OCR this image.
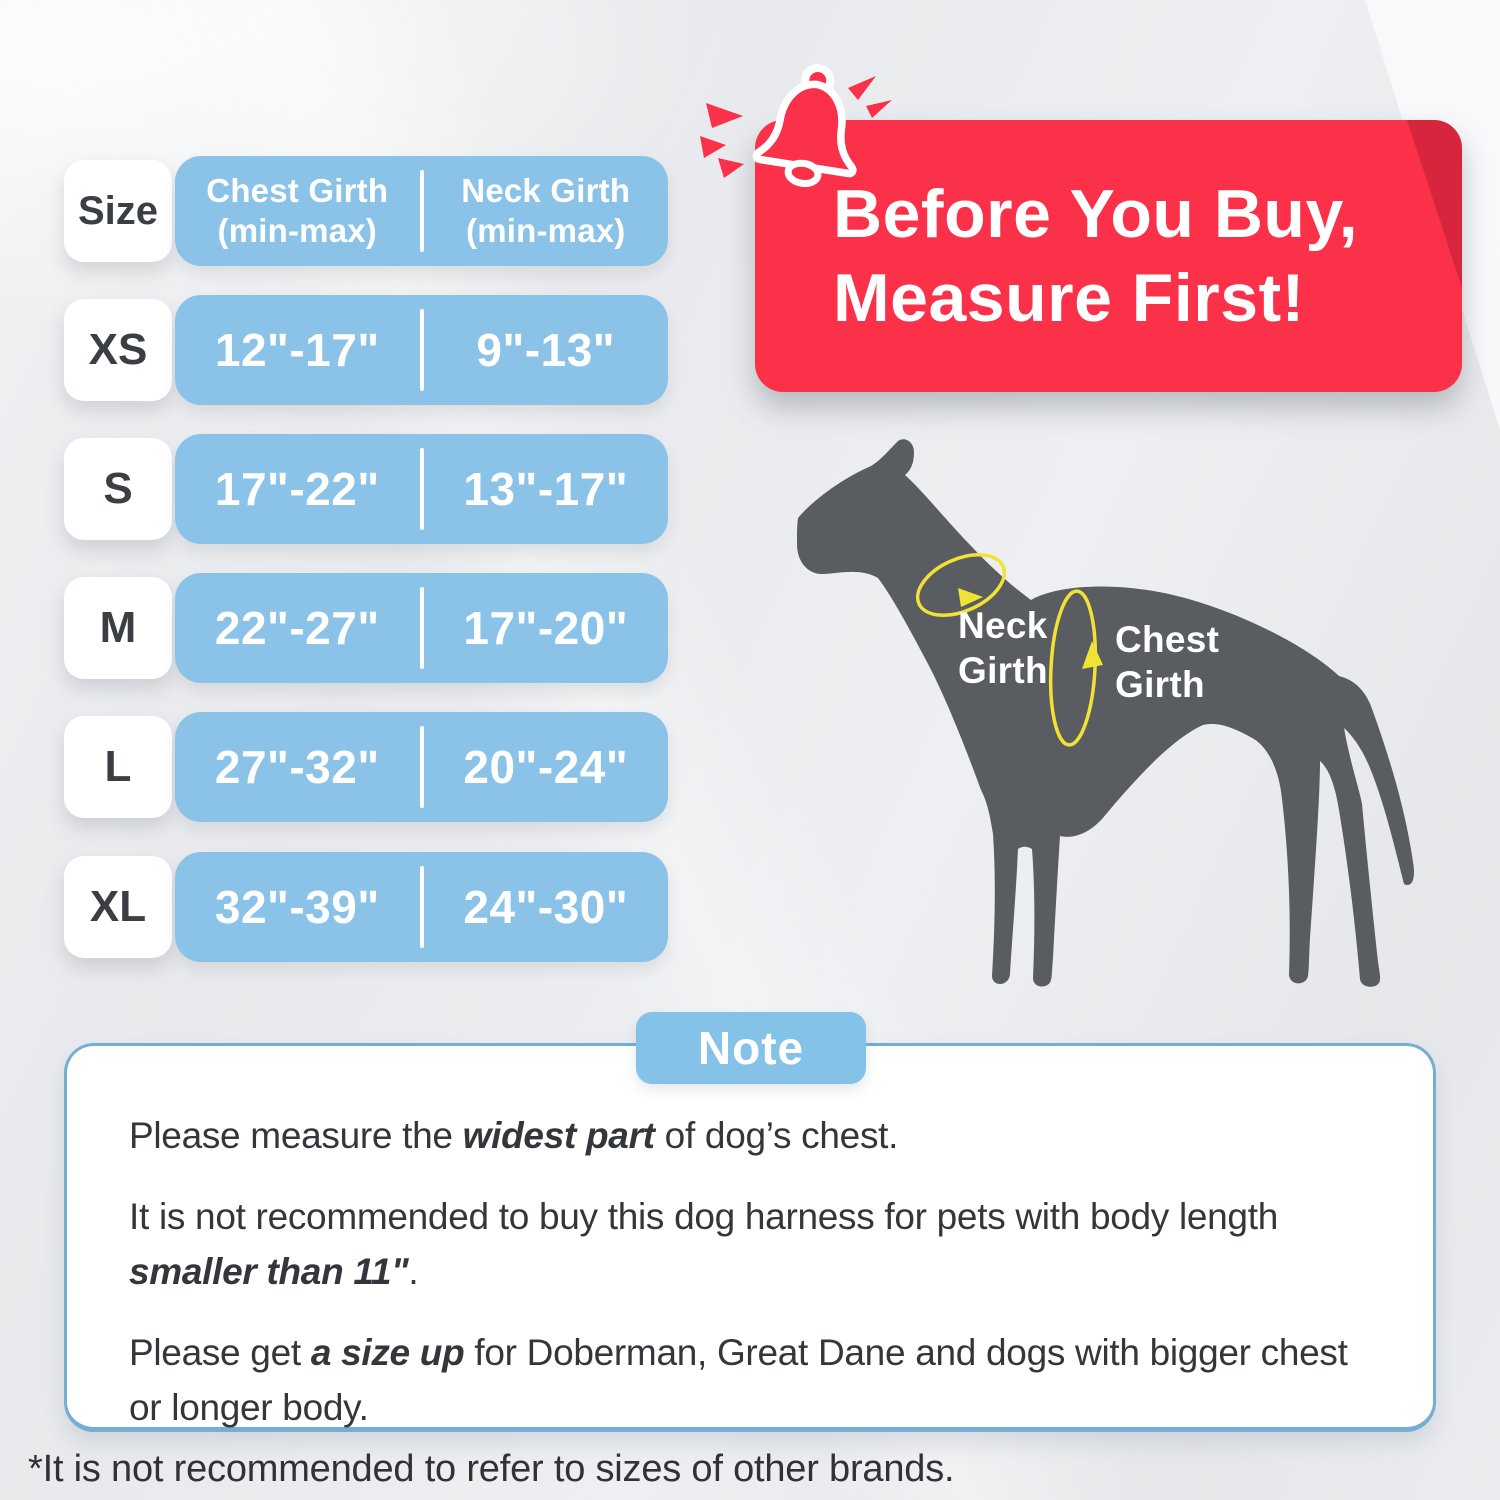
Size Chest Girth
(min-max)
Neck Girth
(min-max)
XS 12"-17" 9"-13"
S 17"-22" 13"-17"
M 22"-27" 17"-20"
L 27"-32" 20"-24"
XL 32"-39" 24"-30"
Before You Buy,
Measure First!
Neck
Girth
Chest
Girth
Note

Please measure the widest part of dog’s chest.

It is not recommended to buy this dog harness for pets with body length
smaller than 11".

Please get a size up for Doberman, Great Dane and dogs with bigger chest
or longer body.

*It is not recommended to refer to sizes of other brands.
